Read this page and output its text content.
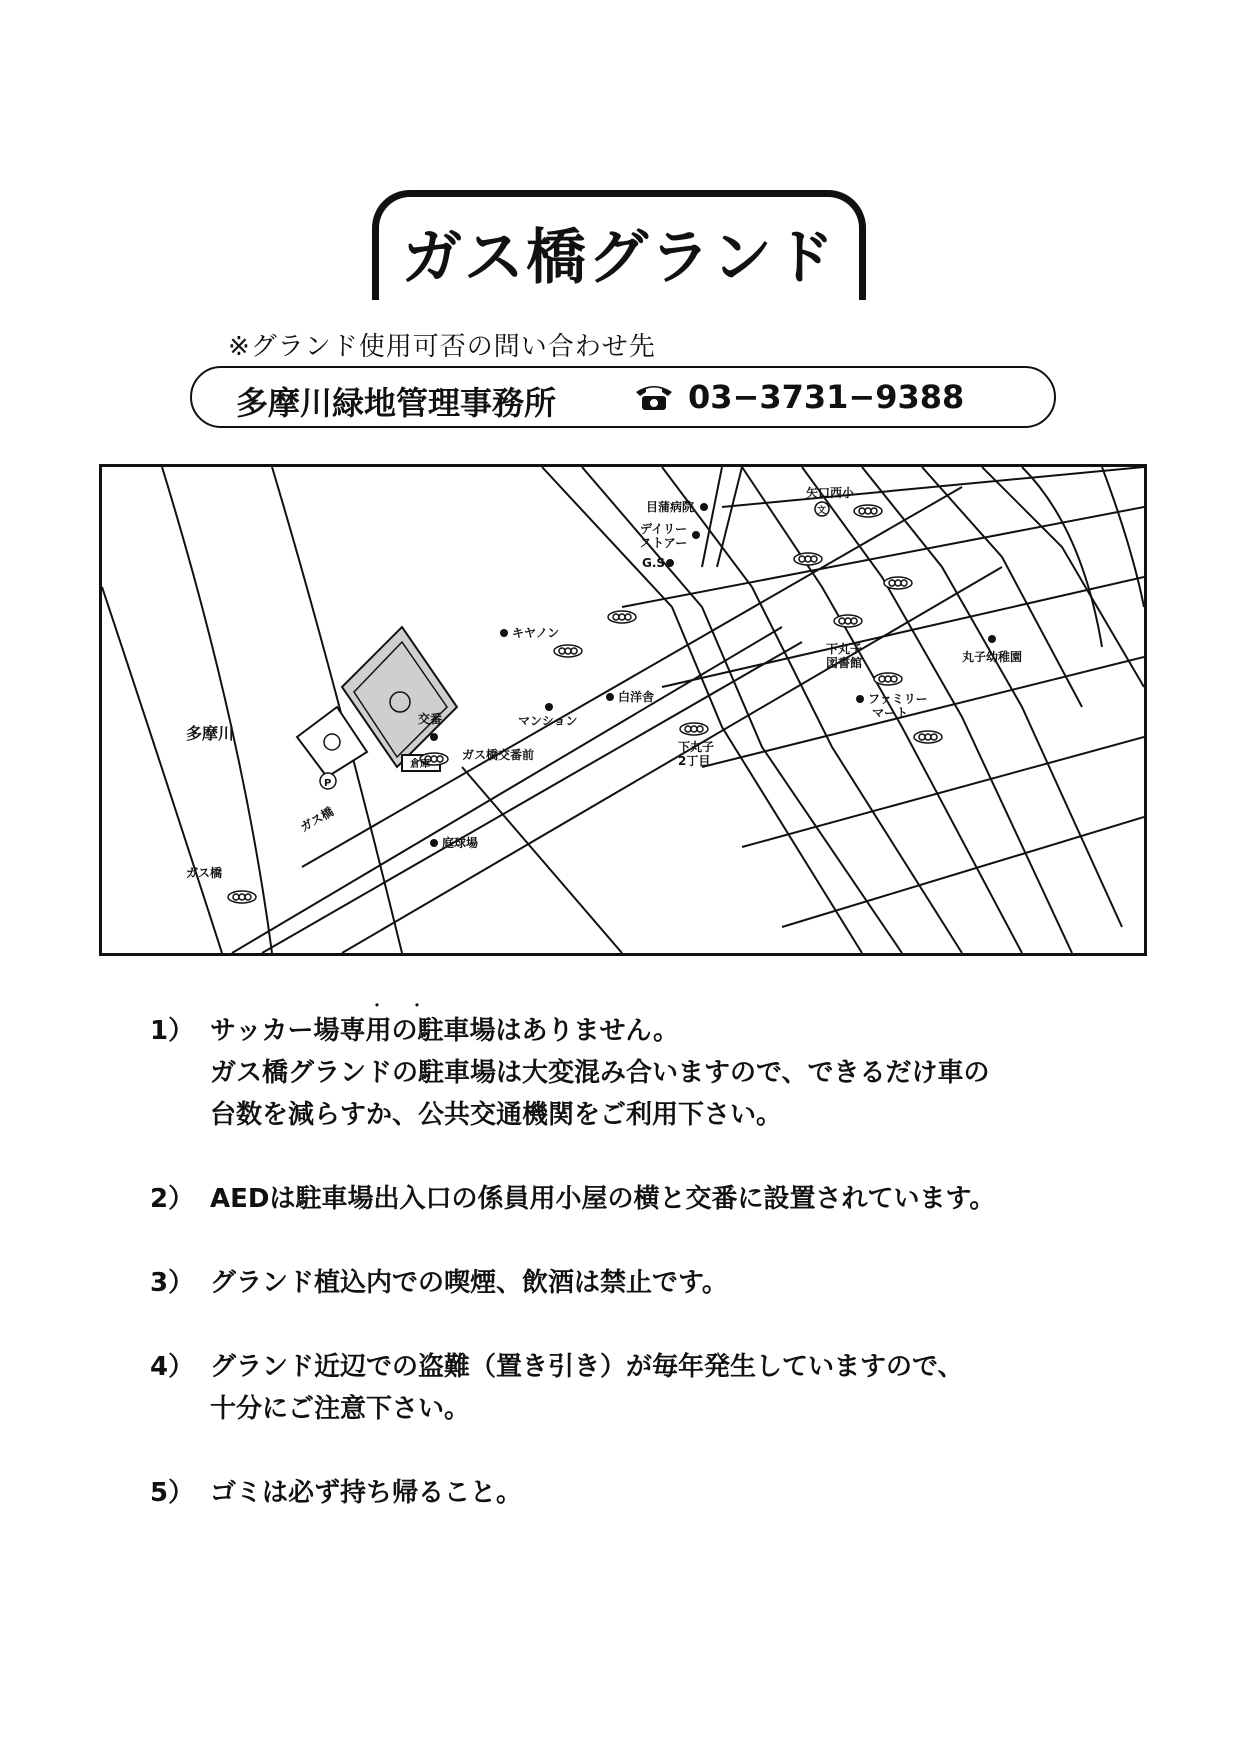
ガス橋グランド
※グランド使用可否の問い合わせ先
多摩川緑地管理事務所	03−3731−9388
多摩川
ガス橋
ガス橋
交番
ガス橋交番前
P
倉庫
庭球場
マンション
キヤノン
白洋舎
下丸子
2丁目
下丸子
図書館
ファミリー
マート
丸子幼稚園
目蒲病院
デイリー
ストアー
G.S
矢口西小
文
・・
1） サッカー場専用の駐車場はありません。

ガス橋グランドの駐車場は大変混み合いますので、できるだけ車の

台数を減らすか、公共交通機関をご利用下さい。

2） AEDは駐車場出入口の係員用小屋の横と交番に設置されています。

3） グランド植込内での喫煙、飲酒は禁止です。

4） グランド近辺での盗難（置き引き）が毎年発生していますので、

十分にご注意下さい。

5） ゴミは必ず持ち帰ること。
